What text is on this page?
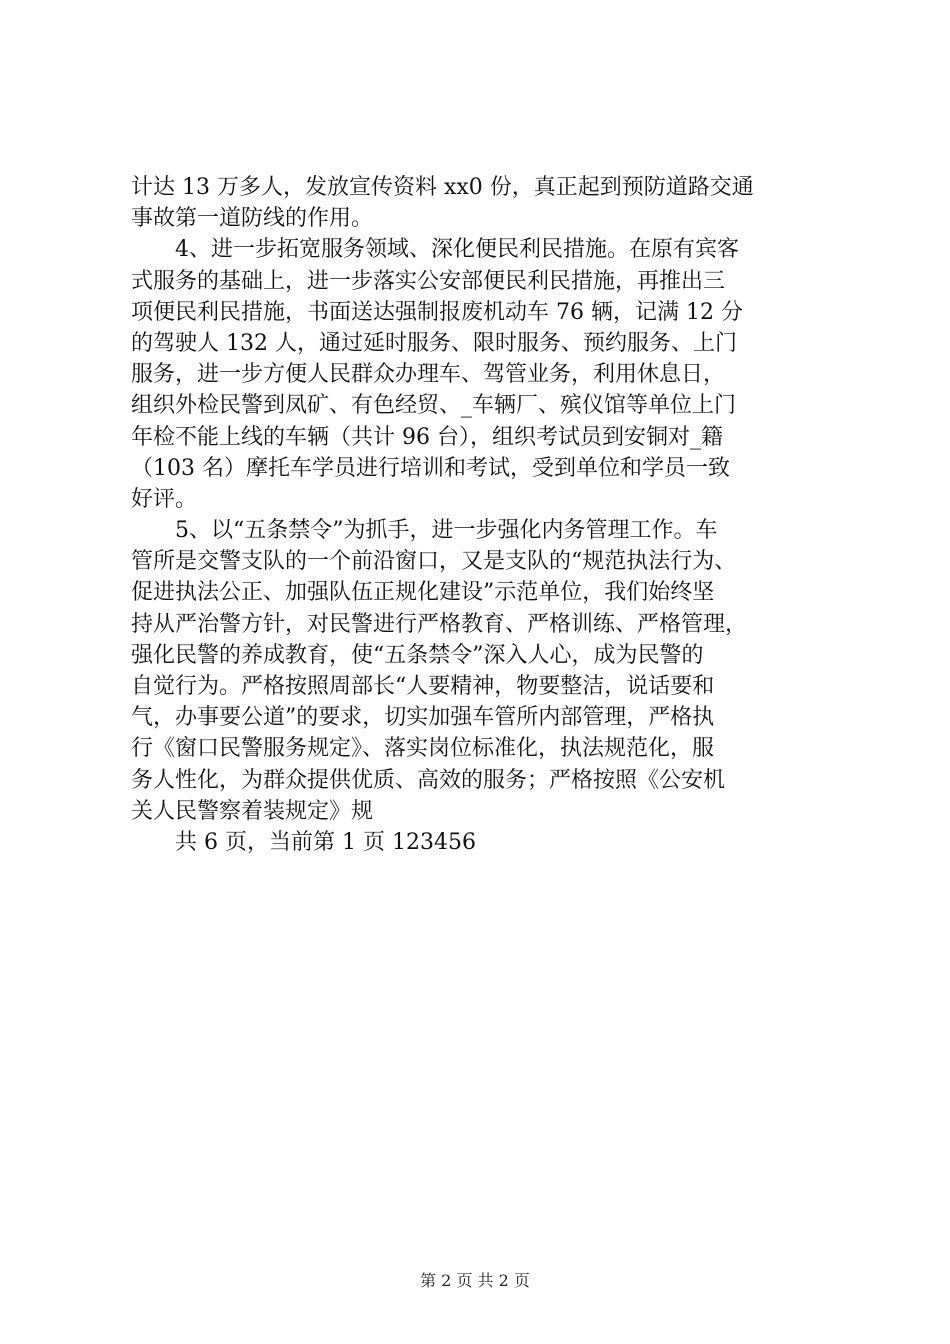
计达 13 万多人，发放宣传资料 xx0 份，真正起到预防道路交通
事故第一道防线的作用。
　　4、进一步拓宽服务领域、深化便民利民措施。在原有宾客
式服务的基础上，进一步落实公安部便民利民措施，再推出三
项便民利民措施，书面送达强制报废机动车 76 辆，记满 12 分
的驾驶人 132 人，通过延时服务、限时服务、预约服务、上门
服务，进一步方便人民群众办理车、驾管业务，利用休息日，
组织外检民警到凤矿、有色经贸、_车辆厂、殡仪馆等单位上门
年检不能上线的车辆（共计 96 台），组织考试员到安铜对_籍
（103 名）摩托车学员进行培训和考试，受到单位和学员一致
好评。
　　5、以“五条禁令”为抓手，进一步强化内务管理工作。车
管所是交警支队的一个前沿窗口，又是支队的“规范执法行为、
促进执法公正、加强队伍正规化建设”示范单位，我们始终坚
持从严治警方针，对民警进行严格教育、严格训练、严格管理，
强化民警的养成教育，使“五条禁令”深入人心，成为民警的
自觉行为。严格按照周部长“人要精神，物要整洁，说话要和
气，办事要公道”的要求，切实加强车管所内部管理，严格执
行《窗口民警服务规定》、落实岗位标准化，执法规范化，服
务人性化，为群众提供优质、高效的服务；严格按照《公安机
关人民警察着装规定》规
　　共 6 页，当前第 1 页 123456
第 2 页 共 2 页
